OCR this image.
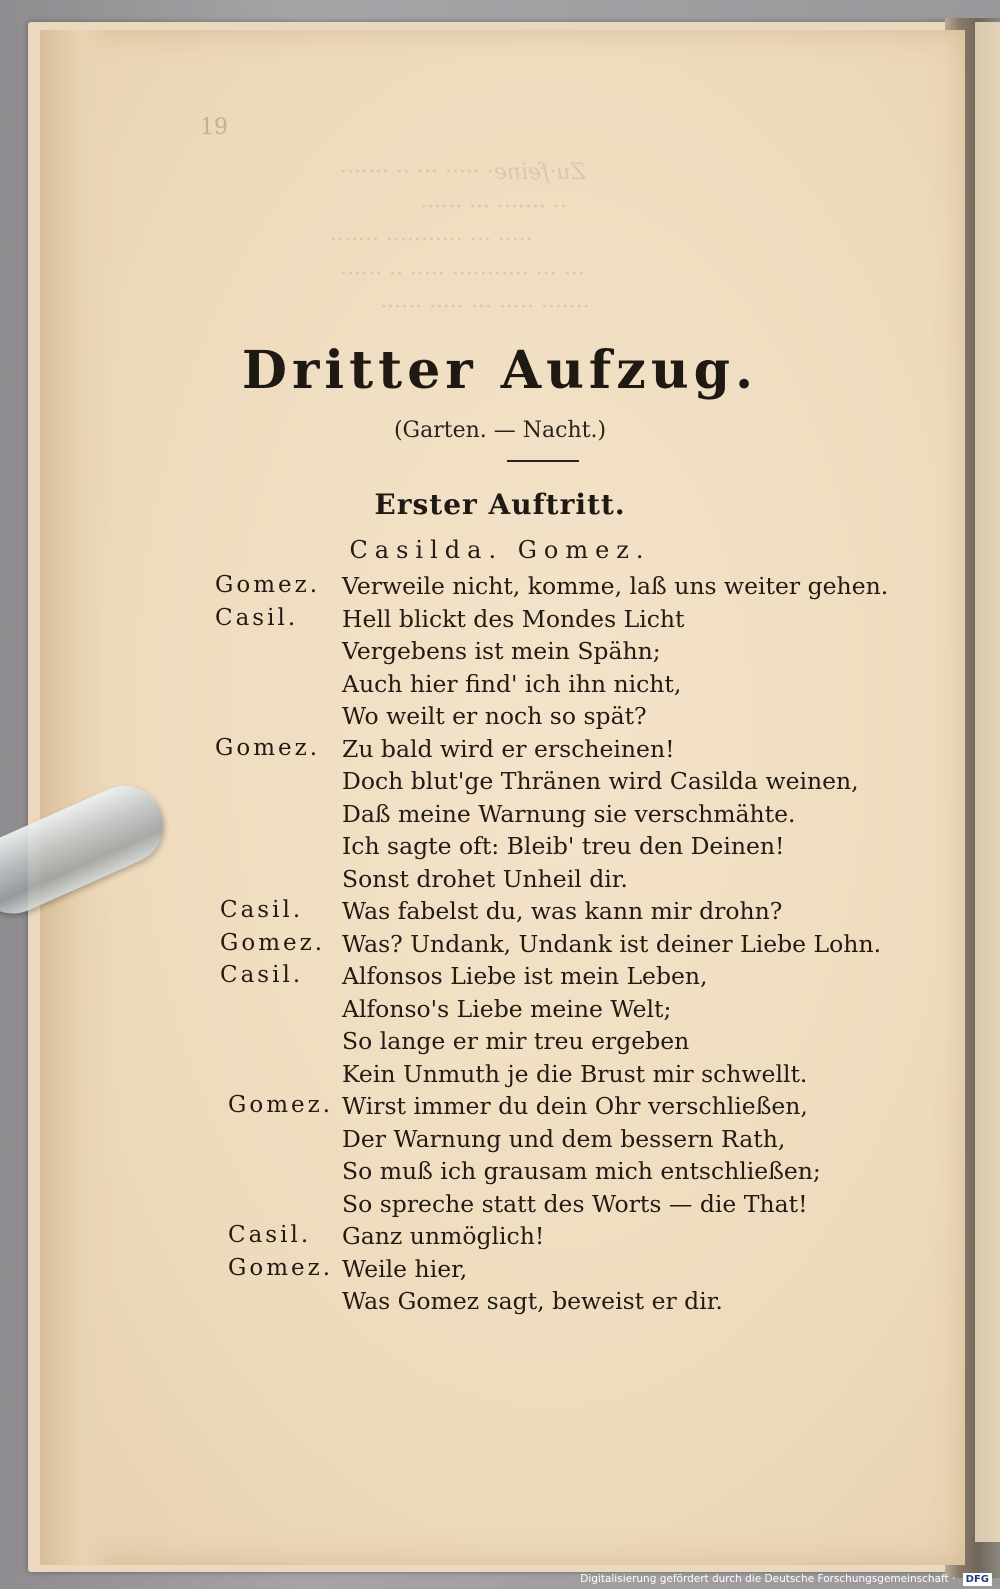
19
Zu·feine· ····· ··· ·· ·······
·· ······· ··· ······
····· ··· ··········· ·······
··· ··· ··········· ····· ·· ······
······· ····· ··· ····· ······
Dritter Aufzug.
(Garten. — Nacht.)
Erster Auftritt.
Casilda. Gomez.
Gomez. Verweile nicht, komme, laß uns weiter gehen.
Casil. Hell blickt des Mondes Licht
Vergebens ist mein Spähn;
Auch hier find' ich ihn nicht,
Wo weilt er noch so spät?
Gomez. Zu bald wird er erscheinen!
Doch blut'ge Thränen wird Casilda weinen,
Daß meine Warnung sie verschmähte.
Ich sagte oft: Bleib' treu den Deinen!
Sonst drohet Unheil dir.
Casil. Was fabelst du, was kann mir drohn?
Gomez. Was? Undank, Undank ist deiner Liebe Lohn.
Casil. Alfonsos Liebe ist mein Leben,
Alfonso's Liebe meine Welt;
So lange er mir treu ergeben
Kein Unmuth je die Brust mir schwellt.
Gomez. Wirst immer du dein Ohr verschließen,
Der Warnung und dem bessern Rath,
So muß ich grausam mich entschließen;
So spreche statt des Worts — die That!
Casil. Ganz unmöglich!
Gomez. Weile hier,
Was Gomez sagt, beweist er dir.
Digitalisierung gefördert durch die Deutsche Forschungsgemeinschaft · DFG
